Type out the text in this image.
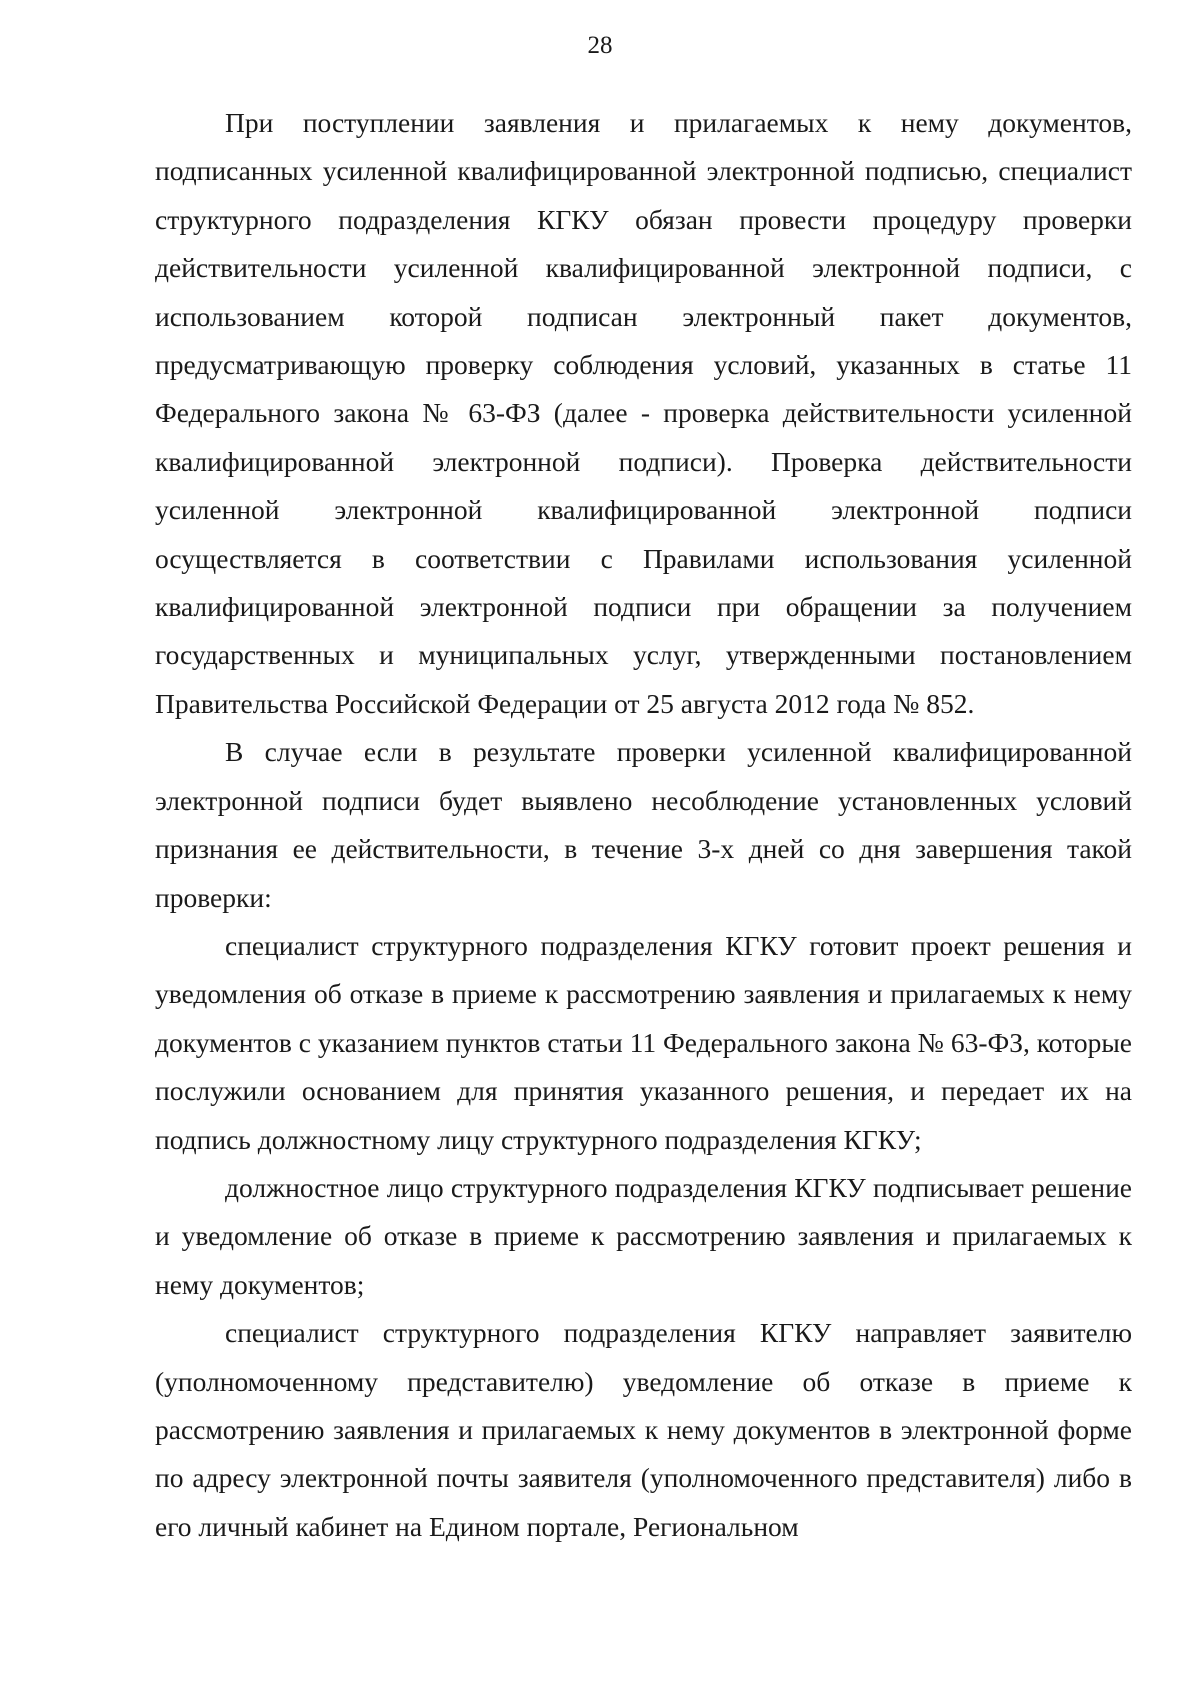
28

При поступлении заявления и прилагаемых к нему документов, подписанных усиленной квалифицированной электронной подписью, специалист структурного подразделения КГКУ обязан провести процедуру проверки действительности усиленной квалифицированной электронной подписи, с использованием которой подписан электронный пакет документов, предусматривающую проверку соблюдения условий, указанных в статье 11 Федерального закона № 63-ФЗ (далее - проверка действительности усиленной квалифицированной электронной подписи). Проверка действительности усиленной электронной квалифицированной электронной подписи осуществляется в соответствии с Правилами использования усиленной квалифицированной электронной подписи при обращении за получением государственных и муниципальных услуг, утвержденными постановлением Правительства Российской Федерации от 25 августа 2012 года № 852.

В случае если в результате проверки усиленной квалифицированной электронной подписи будет выявлено несоблюдение установленных условий признания ее действительности, в течение 3-х дней со дня завершения такой проверки:

специалист структурного подразделения КГКУ готовит проект решения и уведомления об отказе в приеме к рассмотрению заявления и прилагаемых к нему документов с указанием пунктов статьи 11 Федерального закона № 63-ФЗ, которые послужили основанием для принятия указанного решения, и передает их на подпись должностному лицу структурного подразделения КГКУ;

должностное лицо структурного подразделения КГКУ подписывает решение и уведомление об отказе в приеме к рассмотрению заявления и прилагаемых к нему документов;

специалист структурного подразделения КГКУ направляет заявителю (уполномоченному представителю) уведомление об отказе в приеме к рассмотрению заявления и прилагаемых к нему документов в электронной форме по адресу электронной почты заявителя (уполномоченного представителя) либо в его личный кабинет на Едином портале, Региональном
